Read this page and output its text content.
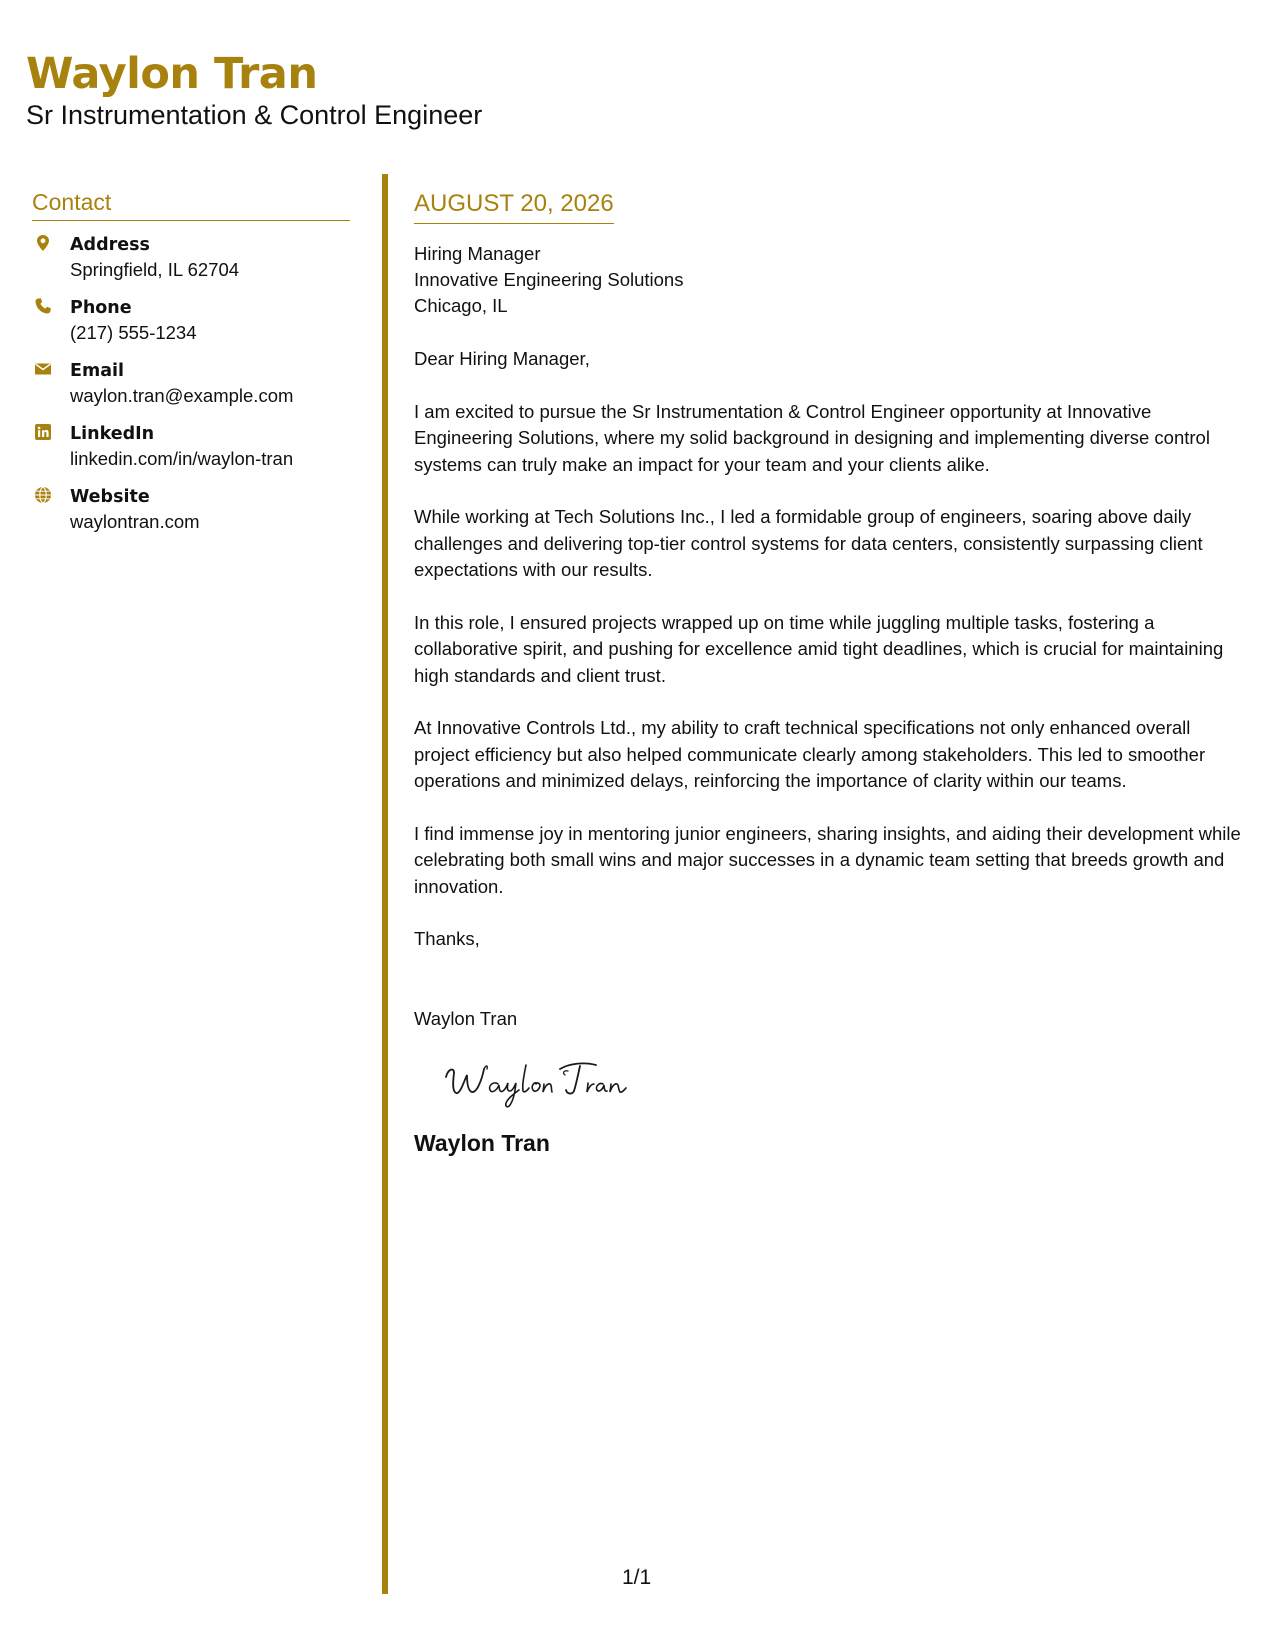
Waylon Tran
Sr Instrumentation & Control Engineer
Contact
Address
Springfield, IL 62704
Phone
(217) 555-1234
Email
waylon.tran@example.com
LinkedIn
linkedin.com/in/waylon-tran
Website
waylontran.com
AUGUST 20, 2026
Hiring Manager
Innovative Engineering Solutions
Chicago, IL
Dear Hiring Manager,
I am excited to pursue the Sr Instrumentation & Control Engineer opportunity at Innovative Engineering Solutions, where my solid background in designing and implementing diverse control systems can truly make an impact for your team and your clients alike.
While working at Tech Solutions Inc., I led a formidable group of engineers, soaring above daily challenges and delivering top-tier control systems for data centers, consistently surpassing client expectations with our results.
In this role, I ensured projects wrapped up on time while juggling multiple tasks, fostering a collaborative spirit, and pushing for excellence amid tight deadlines, which is crucial for maintaining high standards and client trust.
At Innovative Controls Ltd., my ability to craft technical specifications not only enhanced overall project efficiency but also helped communicate clearly among stakeholders. This led to smoother operations and minimized delays, reinforcing the importance of clarity within our teams.
I find immense joy in mentoring junior engineers, sharing insights, and aiding their development while celebrating both small wins and major successes in a dynamic team setting that breeds growth and innovation.
Thanks,
Waylon Tran
Waylon Tran
1/1
